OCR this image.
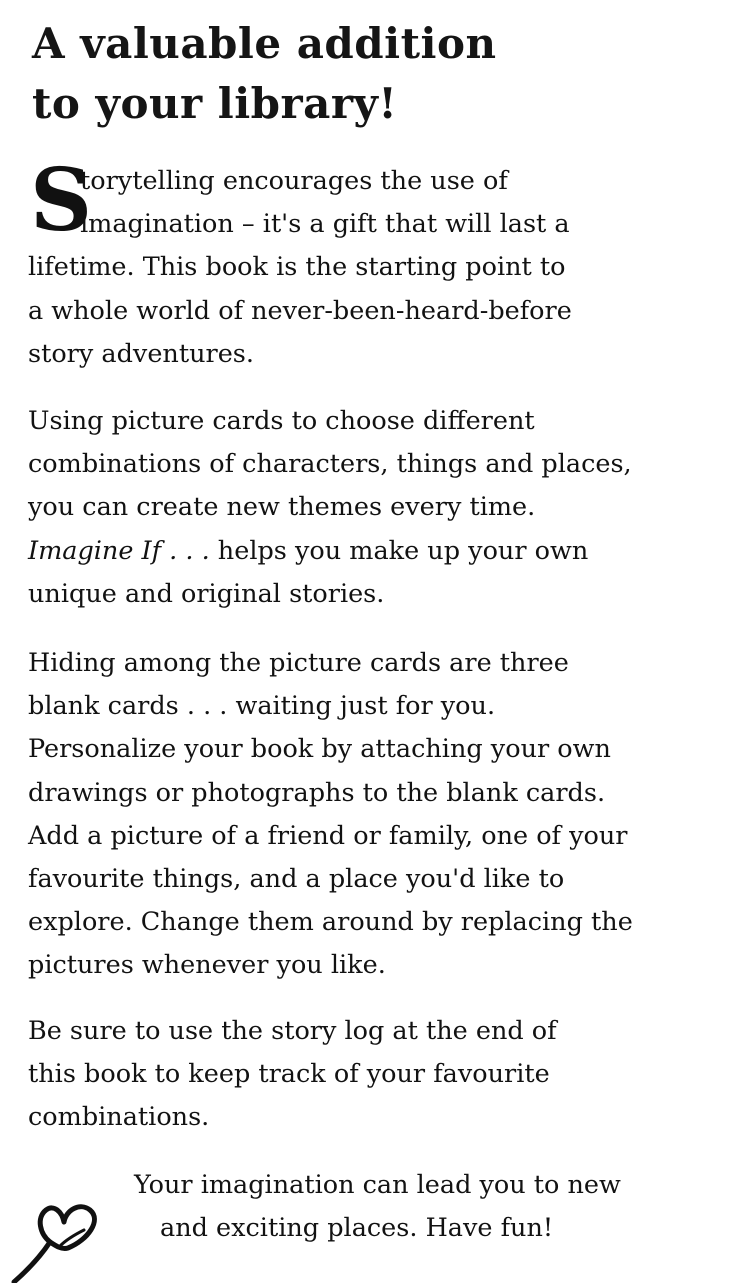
A valuable addition
to your library!
S

torytelling encourages the use of
imagination – it's a gift that will last a
lifetime. This book is the starting point to
a whole world of never-been-heard-before
story adventures.

Using picture cards to choose different
combinations of characters, things and places,
you can create new themes every time.
Imagine If . . . helps you make up your own
unique and original stories.

Hiding among the picture cards are three
blank cards . . . waiting just for you.
Personalize your book by attaching your own
drawings or photographs to the blank cards.
Add a picture of a friend or family, one of your
favourite things, and a place you'd like to
explore. Change them around by replacing the
pictures whenever you like.

Be sure to use the story log at the end of
this book to keep track of your favourite
combinations.

Your imagination can lead you to new
and exciting places. Have fun!
